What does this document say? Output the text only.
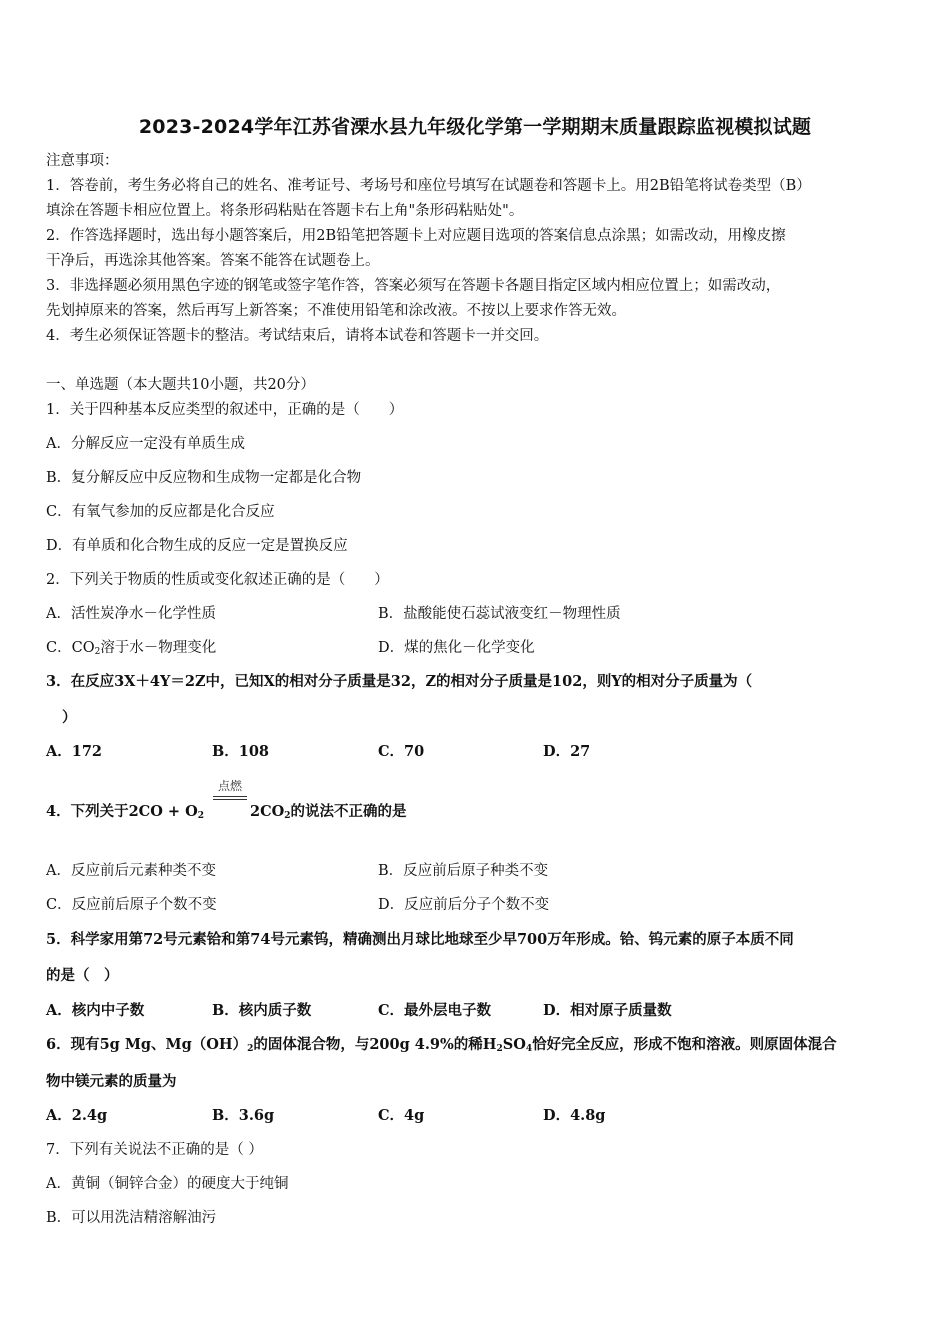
2023-2024学年江苏省溧水县九年级化学第一学期期末质量跟踪监视模拟试题
注意事项：
1．答卷前，考生务必将自己的姓名、准考证号、考场号和座位号填写在试题卷和答题卡上。用2B铅笔将试卷类型（B）
填涂在答题卡相应位置上。将条形码粘贴在答题卡右上角"条形码粘贴处"。
2．作答选择题时，选出每小题答案后，用2B铅笔把答题卡上对应题目选项的答案信息点涂黑；如需改动，用橡皮擦
干净后，再选涂其他答案。答案不能答在试题卷上。
3．非选择题必须用黑色字迹的钢笔或签字笔作答，答案必须写在答题卡各题目指定区域内相应位置上；如需改动，
先划掉原来的答案，然后再写上新答案；不准使用铅笔和涂改液。不按以上要求作答无效。
4．考生必须保证答题卡的整洁。考试结束后，请将本试卷和答题卡一并交回。
一、单选题（本大题共10小题，共20分）
1．关于四种基本反应类型的叙述中，正确的是（　　）
A．分解反应一定没有单质生成
B．复分解反应中反应物和生成物一定都是化合物
C．有氧气参加的反应都是化合反应
D．有单质和化合物生成的反应一定是置换反应
2．下列关于物质的性质或变化叙述正确的是（　　）
A．活性炭净水－化学性质	B．盐酸能使石蕊试液变红－物理性质
C．$CO_2$溶于水－物理变化	D．煤的焦化－化学变化
3．在反应3X＋4Y＝2Z中，已知X的相对分子质量是32，Z的相对分子质量是102，则Y的相对分子质量为（
）
A．172	B．108	C．70	D．27
点燃
4．下列关于$2CO + O_2$	$2CO_2$的说法不正确的是
A．反应前后元素种类不变	B．反应前后原子种类不变
C．反应前后原子个数不变	D．反应前后分子个数不变
5．科学家用第72号元素铪和第74号元素钨，精确测出月球比地球至少早700万年形成。铪、钨元素的原子本质不同
的是（　）
A．核内中子数	B．核内质子数	C．最外层电子数	D．相对原子质量数
6．现有5g Mg、$Mg(OH)_2$的固体混合物，与200g 4.9%的稀$H_2SO_4$恰好完全反应，形成不饱和溶液。则原固体混合
物中镁元素的质量为
A．2.4g	B．3.6g	C．4g	D．4.8g
7．下列有关说法不正确的是（ ）
A．黄铜（铜锌合金）的硬度大于纯铜
B．可以用洗洁精溶解油污
